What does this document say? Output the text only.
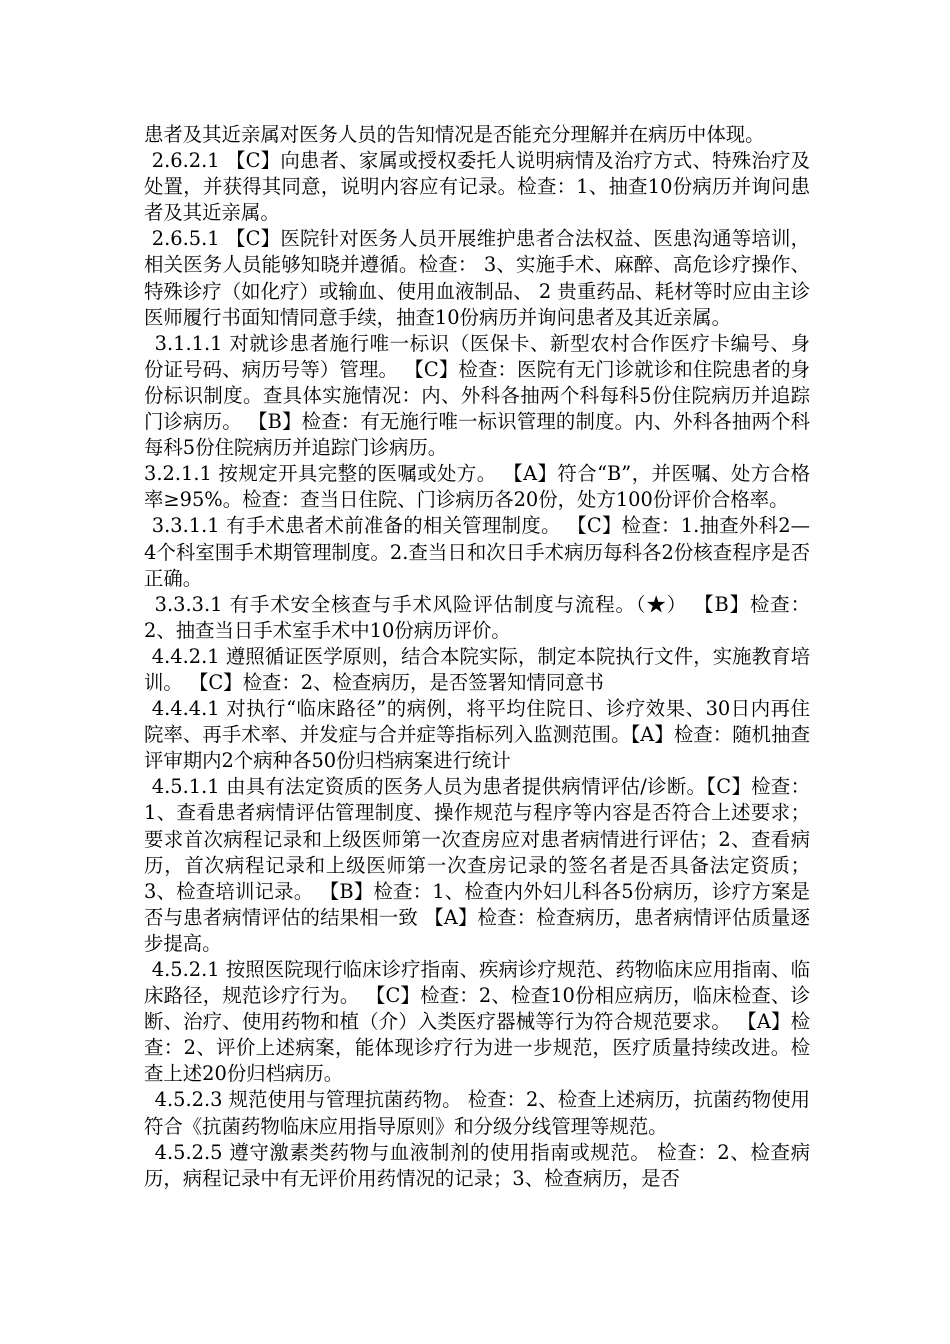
患者及其近亲属对医务人员的告知情况是否能充分理解并在病历中体现。

2.6.2.1 【C】向患者、家属或授权委托人说明病情及治疗方式、特殊治疗及处置，并获得其同意，说明内容应有记录。检查：1、抽查10份病历并询问患者及其近亲属。

2.6.5.1 【C】医院针对医务人员开展维护患者合法权益、医患沟通等培训，相关医务人员能够知晓并遵循。检查： 3、实施手术、麻醉、高危诊疗操作、特殊诊疗（如化疗）或输血、使用血液制品、 2 贵重药品、耗材等时应由主诊医师履行书面知情同意手续，抽查10份病历并询问患者及其近亲属。

3.1.1.1 对就诊患者施行唯一标识（医保卡、新型农村合作医疗卡编号、身份证号码、病历号等）管理。 【C】检查：医院有无门诊就诊和住院患者的身份标识制度。查具体实施情况：内、外科各抽两个科每科5份住院病历并追踪门诊病历。 【B】检查：有无施行唯一标识管理的制度。内、外科各抽两个科每科5份住院病历并追踪门诊病历。

3.2.1.1 按规定开具完整的医嘱或处方。 【A】符合“B”，并医嘱、处方合格率≥95%。检查：查当日住院、门诊病历各20份，处方100份评价合格率。

3.3.1.1 有手术患者术前准备的相关管理制度。 【C】检查：1.抽查外科2—4个科室围手术期管理制度。2.查当日和次日手术病历每科各2份核查程序是否正确。

3.3.3.1 有手术安全核查与手术风险评估制度与流程。（★） 【B】检查：2、抽查当日手术室手术中10份病历评价。

4.4.2.1 遵照循证医学原则，结合本院实际，制定本院执行文件，实施教育培训。 【C】检查：2、检查病历，是否签署知情同意书

4.4.4.1 对执行“临床路径”的病例，将平均住院日、诊疗效果、30日内再住院率、再手术率、并发症与合并症等指标列入监测范围。【A】检查：随机抽查评审期内2个病种各50份归档病案进行统计

4.5.1.1 由具有法定资质的医务人员为患者提供病情评估/诊断。【C】检查：1、查看患者病情评估管理制度、操作规范与程序等内容是否符合上述要求；要求首次病程记录和上级医师第一次查房应对患者病情进行评估；2、查看病历，首次病程记录和上级医师第一次查房记录的签名者是否具备法定资质；3、检查培训记录。 【B】检查：1、检查内外妇儿科各5份病历，诊疗方案是否与患者病情评估的结果相一致 【A】检查：检查病历，患者病情评估质量逐步提高。

4.5.2.1 按照医院现行临床诊疗指南、疾病诊疗规范、药物临床应用指南、临床路径，规范诊疗行为。 【C】检查：2、检查10份相应病历，临床检查、诊断、治疗、使用药物和植（介）入类医疗器械等行为符合规范要求。 【A】检查：2、评价上述病案，能体现诊疗行为进一步规范，医疗质量持续改进。检查上述20份归档病历。

4.5.2.3 规范使用与管理抗菌药物。 检查：2、检查上述病历，抗菌药物使用符合《抗菌药物临床应用指导原则》和分级分线管理等规范。

4.5.2.5 遵守激素类药物与血液制剂的使用指南或规范。 检查：2、检查病历，病程记录中有无评价用药情况的记录；3、检查病历，是否
